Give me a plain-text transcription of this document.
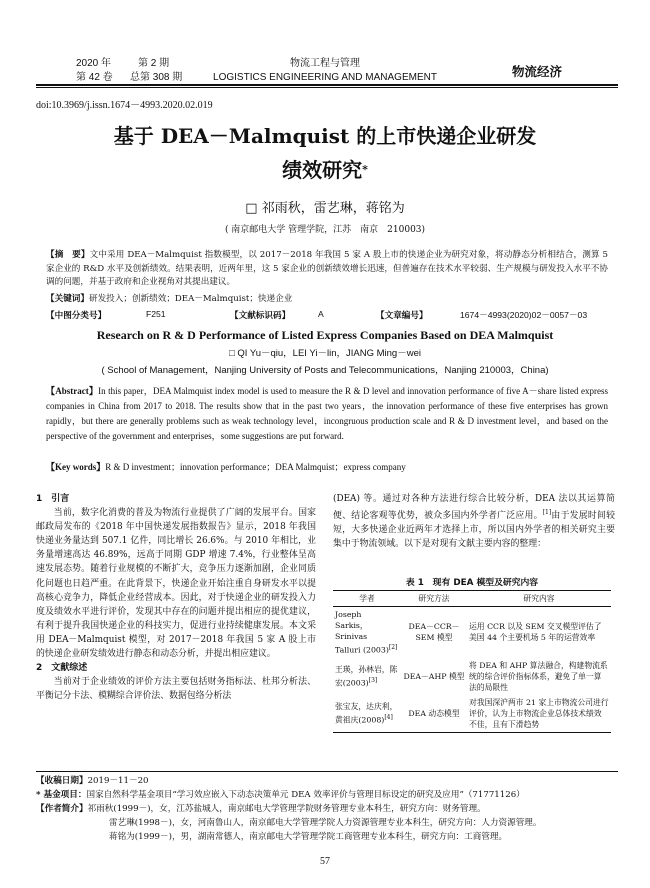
2020 年	第 2 期
第 42 卷 总第 308 期
物流工程与管理
LOGISTICS ENGINEERING AND MANAGEMENT	物流经济
doi:10.3969/j.issn.1674－4993.2020.02.019
基于 DEA－Malmquist 的上市快递企业研发
绩效研究*
□ 祁雨秋，雷艺琳，蒋铭为
( 南京邮电大学 管理学院，江苏　南京　210003)
【摘　要】文中采用 DEA－Malmquist 指数模型，以 2017－2018 年我国 5 家 A 股上市的快递企业为研究对象，将动静态分析相结合，测算 5 家企业的 R&D 水平及创新绩效。结果表明，近两年里，这 5 家企业的创新绩效增长迅速，但普遍存在技术水平较弱、生产规模与研发投入水平不协调的问题，并基于政府和企业视角对其提出建议。
【关键词】研发投入；创新绩效；DEA－Malmquist；快递企业
【中图分类号】	F251	【文献标识码】	A	【文章编号】	1674－4993(2020)02－0057－03
Research on R & D Performance of Listed Express Companies Based on DEA Malmquist
□ QI Yu－qiu，LEI Yi－lin，JIANG Ming－wei
( School of Management，Nanjing University of Posts and Telecommunications，Nanjing 210003，China)
【Abstract】In this paper，DEA Malmquist index model is used to measure the R & D level and innovation performance of five A－share listed express companies in China from 2017 to 2018. The results show that in the past two years，the innovation performance of these five enterprises has grown rapidly，but there are generally problems such as weak technology level，incongruous production scale and R & D investment level，and based on the perspective of the government and enterprises，some suggestions are put forward.
【Key words】R & D investment；innovation performance；DEA Malmquist；express company

1　引言

当前，数字化消费的普及为物流行业提供了广阔的发展平台。国家邮政局发布的《2018 年中国快递发展指数报告》显示，2018 年我国快递业务量达到 507.1 亿件，同比增长 26.6%。与 2010 年相比，业务量增速高达 46.89%，远高于同期 GDP 增速 7.4%，行业整体呈高速发展态势。随着行业规模的不断扩大，竞争压力逐渐加剧，企业同质化问题也日趋严重。在此背景下，快递企业开始注重自身研发水平以提高核心竞争力，降低企业经营成本。因此，对于快递企业的研发投入力度及绩效水平进行评价，发现其中存在的问题并提出相应的提优建议，有利于提升我国快递企业的科技实力，促进行业持续健康发展。本文采用 DEA－Malmquist 模型，对 2017－2018 年我国 5 家 A 股上市的快递企业研发绩效进行静态和动态分析，并提出相应建议。

2　文献综述

当前对于企业绩效的评价方法主要包括财务指标法、杜邦分析法、平衡记分卡法、模糊综合评价法、数据包络分析法

(DEA) 等。通过对各种方法进行综合比较分析，DEA 法以其运算简便、结论客观等优势，被众多国内外学者广泛应用。[1]由于发展时间较短，大多快递企业近两年才选择上市，所以国内外学者的相关研究主要集中于物流领域。以下是对现有文献主要内容的整理：

表 1　现有 DEA 模型及研究内容
学者	研究方法	研究内容
Joseph　Sarkis，Srinivas　Talluri (2003)[2]	DEA－CCR－SEM 模型	运用 CCR 以及 SEM 交叉模型评估了美国 44 个主要机场 5 年的运营效率
王瑛，孙林岩，陈宏(2003)[3]	DEA－AHP 模型	将 DEA 和 AHP 算法融合，构建物流系统的综合评价指标体系，避免了单一算法的局限性
张宝友，达庆利，黄祖庆(2008)[4]	DEA 动态模型	对我国深沪两市 21 家上市物流公司进行评价，认为上市物流企业总体技术绩效不佳，且有下滑趋势
【收稿日期】2019－11－20
* 基金项目：国家自然科学基金项目“学习效应嵌入下动态决策单元 DEA 效率评价与管理目标设定的研究及应用”（71771126）
【作者简介】祁雨秋(1999－)，女，江苏盐城人，南京邮电大学管理学院财务管理专业本科生，研究方向：财务管理。
雷艺琳(1998－)，女，河南鲁山人，南京邮电大学管理学院人力资源管理专业本科生，研究方向：人力资源管理。
蒋铭为(1999－)，男，湖南常德人，南京邮电大学管理学院工商管理专业本科生，研究方向：工商管理。
57
